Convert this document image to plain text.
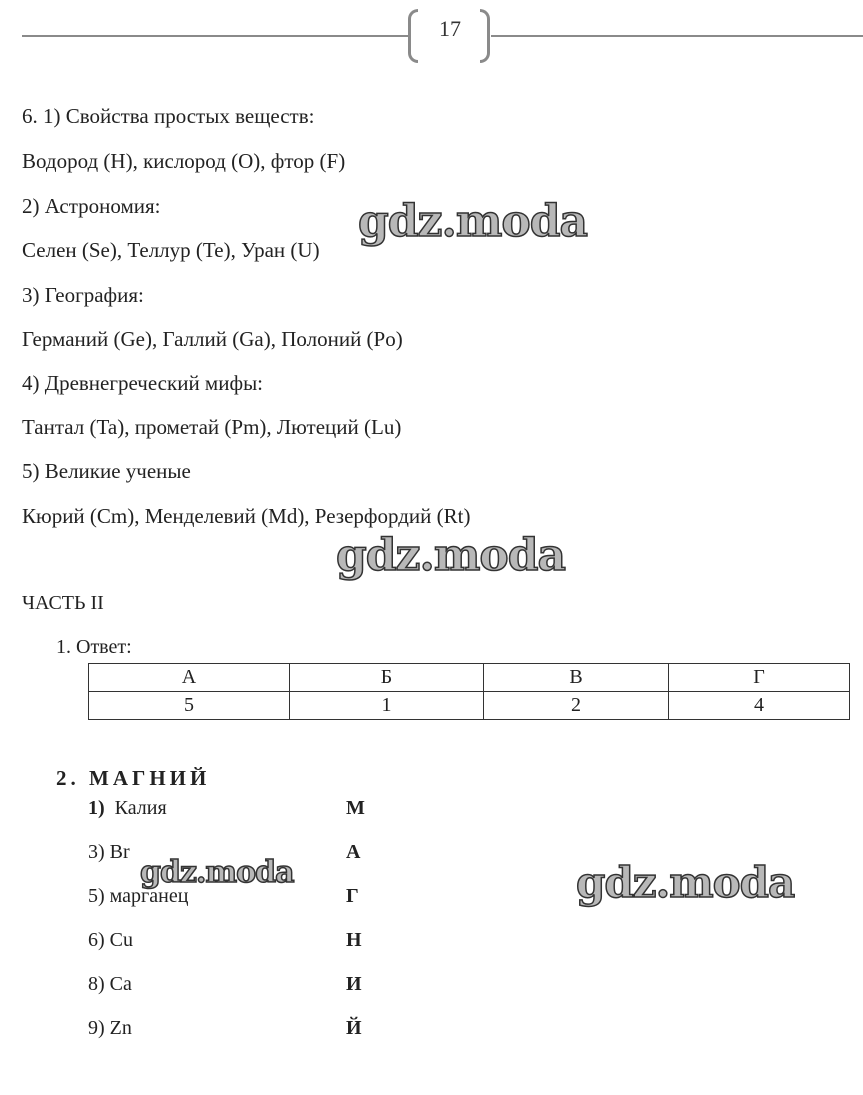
17
6. 1) Свойства простых веществ:
Водород (H), кислород (O), фтор (F)
2) Астрономия:
Селен (Se), Теллур (Te), Уран (U)
3) География:
Германий (Ge), Галлий (Ga), Полоний (Po)
4) Древнегреческий мифы:
Тантал (Ta), прометай (Pm), Лютеций (Lu)
5) Великие ученые
Кюрий (Cm), Менделевий (Md), Резерфордий (Rt)
ЧАСТЬ II
1. Ответ:
А	Б	В	Г
5	1	2	4
2. МАГНИЙ
1) Калия	М
3) Br	А
5) марганец	Г
6) Cu	Н
8) Ca	И
9) Zn	Й
gdz.moda
gdz.moda
gdz.moda	gdz.moda
